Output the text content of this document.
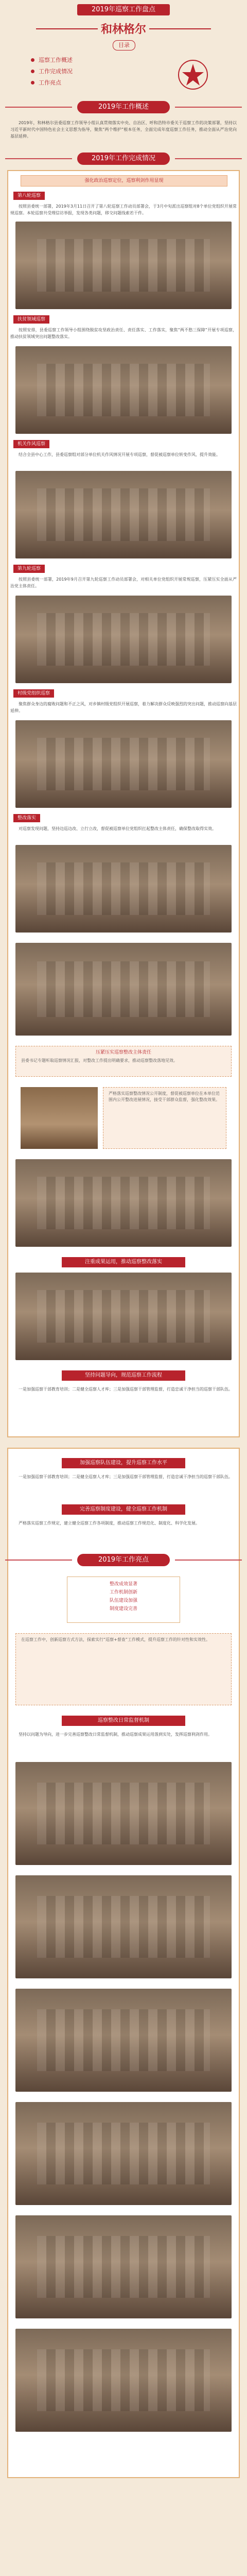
2019年巡察工作盘点
和林格尔
目录
巡察工作概述
工作完成情况
工作亮点
2019年工作概述
2019年，和林格尔县委巡察工作领导小组认真贯彻落实中央、自治区、呼和浩特市委关于巡察工作的决策部署，坚持以习近平新时代中国特色社会主义思想为指导，聚焦“两个维护”根本任务，全面完成年度巡察工作任务，推动全面从严治党向基层延伸。
2019年工作完成情况
强化政治巡察定位，巡察利剑作用显现
第八轮巡察
按照县委统一部署，2019年3月11日召开了第八轮巡察工作动员部署会，于3月中旬派出巡察组对8个单位党组织开展常规巡察。本轮巡察共受理信访举报，发现各类问题，移交问题线索若干件。
扶贫领域巡察
按照安排，县委巡察工作领导小组围绕脱贫攻坚政治责任、责任落实、工作落实，聚焦“两不愁三保障”开展专项巡察，推动扶贫领域突出问题整改落实。
机关作风巡察
结合全县中心工作，县委巡察组对部分单位机关作风情况开展专项巡察，督促被巡察单位转变作风、提升效能。
第九轮巡察
按照县委统一部署，2019年9月召开第九轮巡察工作动员部署会，对相关单位党组织开展常规巡察，压紧压实全面从严治党主体责任。
村级党组织巡察
聚焦群众身边的腐败问题和不正之风，对乡镇村级党组织开展巡察，着力解决群众反映强烈的突出问题，推动巡察向基层延伸。
整改落实
对巡察发现问题，坚持边巡边改、立行立改，督促被巡察单位党组织扛起整改主体责任，确保整改取得实效。
压紧压实巡察整改主体责任
县委书记专题听取巡察情况汇报，对整改工作提出明确要求，推动巡察整改落地见效。
严格落实巡察整改情况公开制度，督促被巡察单位在本单位范围内公开整改进展情况，接受干部群众监督，强化整改效果。
注重成果运用，推动巡察整改落实
坚持问题导向，规范巡察工作流程
一是加强巡察干部教育培训；二是健全巡察人才库；三是加强巡察干部管理监督，打造忠诚干净担当的巡察干部队伍。
加强巡察队伍建设，提升巡察工作水平
一是加强巡察干部教育培训；二是健全巡察人才库；三是加强巡察干部管理监督，打造忠诚干净担当的巡察干部队伍。
完善巡察制度建设，健全巡察工作机制
严格落实巡察工作规定，建立健全巡察工作各项制度，推动巡察工作规范化、制度化、科学化发展。
2019年工作亮点
整改成效显著
工作机制创新
队伍建设加强
制度建设完善
在巡察工作中，创新巡察方式方法，探索实行“巡察+督查”工作模式，提升巡察工作的针对性和实效性。
巡察整改日常监督机制
坚持以问题为导向，进一步完善巡察整改日常监督机制，推动巡察成果运用落到实处，发挥巡察利剑作用。
